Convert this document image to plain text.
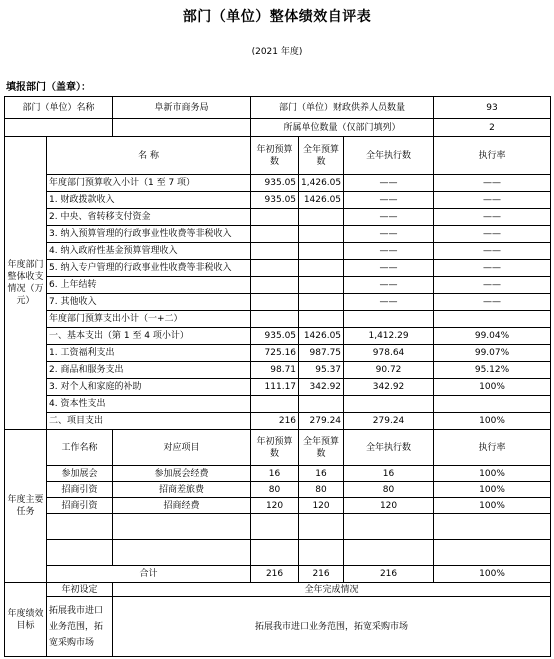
部门（单位）整体绩效自评表
(2021 年度)
填报部门（盖章）：
部门（单位）名称		阜新市商务局	部门（单位）财政供养人员数量			93
			所属单位数量（仅部门填列）			2
年度部门整体收支情况（万元）	名 称		年初预算数	全年预算数	全年执行数	执行率
	年度部门预算收入小计（1 至 7 项）		935.05	1,426.05	——	——
	1. 财政拨款收入		935.05	1426.05	——	——
	2. 中央、省转移支付资金				——	——
	3. 纳入预算管理的行政事业性收费等非税收入				——	——
	4. 纳入政府性基金预算管理收入				——	——
	5. 纳入专户管理的行政事业性收费等非税收入				——	——
	6. 上年结转				——	——
	7. 其他收入				——	——
	年度部门预算支出小计（一+二）					
	一、基本支出（第 1 至 4 项小计）		935.05	1426.05	1,412.29	99.04%
	1. 工资福利支出		725.16	987.75	978.64	99.07%
	2. 商品和服务支出		98.71	95.37	90.72	95.12%
	3. 对个人和家庭的补助		111.17	342.92	342.92	100%
	4. 资本性支出					
	二、项目支出		216	279.24	279.24	100%
年度主要任务	工作名称	对应项目	年初预算数	全年预算数	全年执行数	执行率
	参加展会	参加展会经费	16	16	16	100%
	招商引资	招商差旅费	80	80	80	100%
	招商引资	招商经费	120	120	120	100%

	合计		216	216	216	100%
年度绩效目标	年初设定	全年完成情况				
	拓展我市进口业务范围，拓宽采购市场	拓展我市进口业务范围，拓宽采购市场				
